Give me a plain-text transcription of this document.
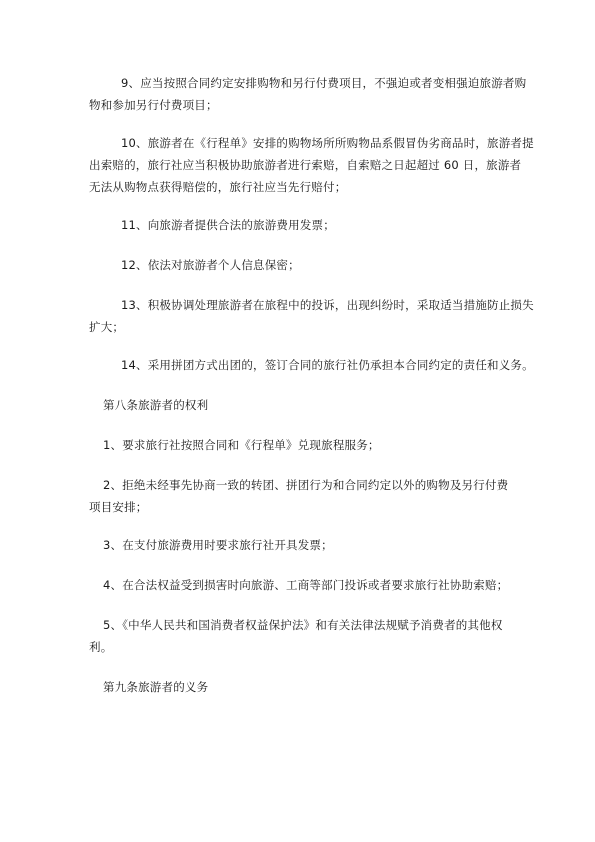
9、应当按照合同约定安排购物和另行付费项目，不强迫或者变相强迫旅游者购
物和参加另行付费项目；

10、旅游者在《行程单》安排的购物场所所购物品系假冒伪劣商品时，旅游者提
出索赔的，旅行社应当积极协助旅游者进行索赔，自索赔之日起超过 60 日，旅游者
无法从购物点获得赔偿的，旅行社应当先行赔付；

11、向旅游者提供合法的旅游费用发票；

12、依法对旅游者个人信息保密；

13、积极协调处理旅游者在旅程中的投诉，出现纠纷时，采取适当措施防止损失
扩大；

14、采用拼团方式出团的，签订合同的旅行社仍承担本合同约定的责任和义务。

第八条旅游者的权利

1、要求旅行社按照合同和《行程单》兑现旅程服务；

2、拒绝未经事先协商一致的转团、拼团行为和合同约定以外的购物及另行付费
项目安排；

3、在支付旅游费用时要求旅行社开具发票；

4、在合法权益受到损害时向旅游、工商等部门投诉或者要求旅行社协助索赔；

5、《中华人民共和国消费者权益保护法》和有关法律法规赋予消费者的其他权
利。

第九条旅游者的义务
